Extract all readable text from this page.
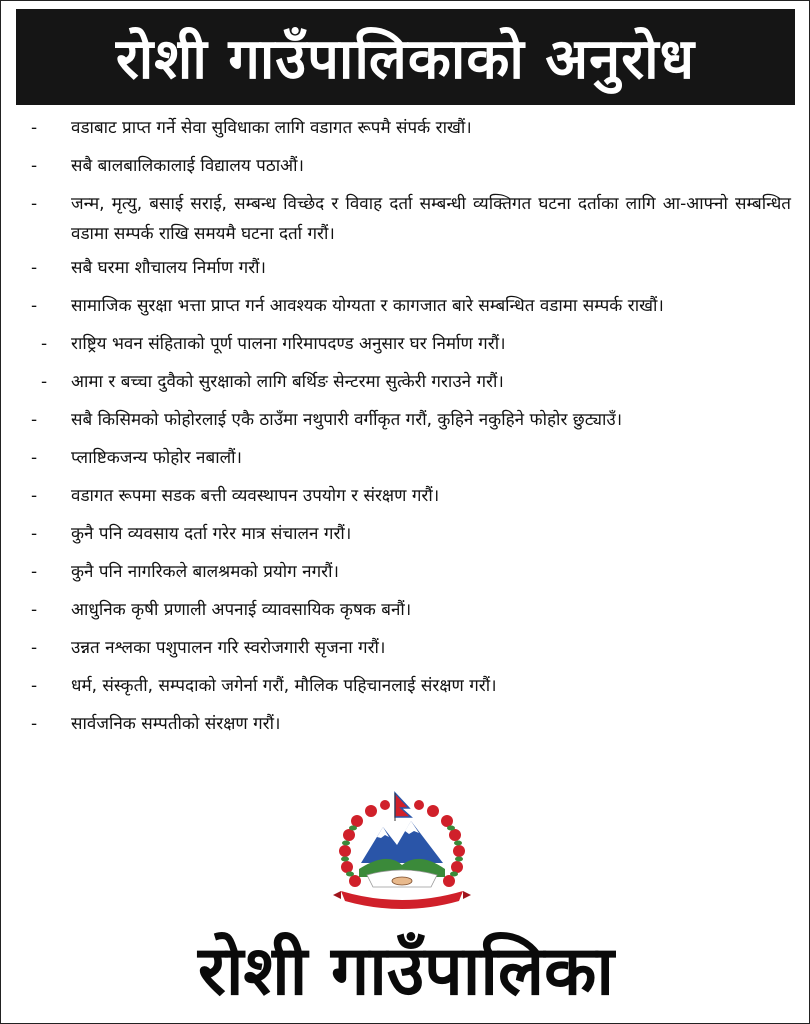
रोशी गाउँपालिकाको अनुरोध
- वडाबाट प्राप्त गर्ने सेवा सुविधाका लागि वडागत रूपमै संपर्क राखौं।
- सबै बालबालिकालाई विद्यालय पठाऔं।
- जन्म, मृत्यु, बसाई सराई, सम्बन्ध विच्छेद र विवाह दर्ता सम्बन्धी व्यक्तिगत घटना दर्ताका लागि आ-आफ्नो सम्बन्धित वडामा सम्पर्क राखि समयमै घटना दर्ता गरौं।
- सबै घरमा शौचालय निर्माण गरौं।
- सामाजिक सुरक्षा भत्ता प्राप्त गर्न आवश्यक योग्यता र कागजात बारे सम्बन्धित वडामा सम्पर्क राखौं।
- राष्ट्रिय भवन संहिताको पूर्ण पालना गरिमापदण्ड अनुसार घर निर्माण गरौं।
- आमा र बच्चा दुवैको सुरक्षाको लागि बर्थिङ सेन्टरमा सुत्केरी गराउने गरौं।
- सबै किसिमको फोहोरलाई एकै ठाउँमा नथुपारी वर्गीकृत गरौं, कुहिने नकुहिने फोहोर छुट्याउँ।
- प्लाष्टिकजन्य फोहोर नबालौं।
- वडागत रूपमा सडक बत्ती व्यवस्थापन उपयोग र संरक्षण गरौं।
- कुनै पनि व्यवसाय दर्ता गरेर मात्र संचालन गरौं।
- कुनै पनि नागरिकले बालश्रमको प्रयोग नगरौं।
- आधुनिक कृषी प्रणाली अपनाई व्यावसायिक कृषक बनौं।
- उन्नत नश्लका पशुपालन गरि स्वरोजगारी सृजना गरौं।
- धर्म, संस्कृती, सम्पदाको जगेर्ना गरौं, मौलिक पहिचानलाई संरक्षण गरौं।
- सार्वजनिक सम्पतीको संरक्षण गरौं।
रोशी गाउँपालिका
